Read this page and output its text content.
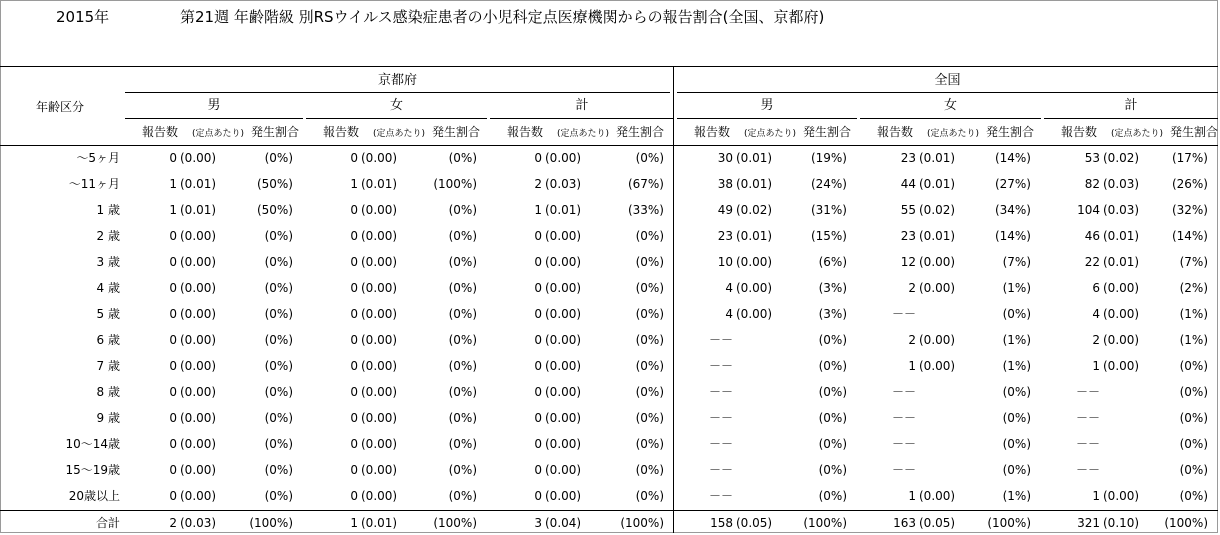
2015年	第21週 年齢階級 別RSウイルス感染症患者の小児科定点医療機関からの報告割合(全国、京都府)
年齢区分
京都府	全国
男
報告数 (定点あたり) 発生割合
女
報告数 (定点あたり) 発生割合
計
報告数 (定点あたり) 発生割合
男
報告数 (定点あたり) 発生割合
女
報告数 (定点あたり) 発生割合
計
報告数 (定点あたり) 発生割合
～5ヶ月	0 (0.00)	(0%)	0 (0.00)	(0%)	0 (0.00)	(0%)	30 (0.01)	(19%)	23 (0.01)	(14%)	53 (0.02)	(17%)
～11ヶ月	1 (0.01)	(50%)	1 (0.01)	(100%)	2 (0.03)	(67%)	38 (0.01)	(24%)	44 (0.01)	(27%)	82 (0.03)	(26%)
1 歳	1 (0.01)	(50%)	0 (0.00)	(0%)	1 (0.01)	(33%)	49 (0.02)	(31%)	55 (0.02)	(34%)	104 (0.03)	(32%)
2 歳	0 (0.00)	(0%)	0 (0.00)	(0%)	0 (0.00)	(0%)	23 (0.01)	(15%)	23 (0.01)	(14%)	46 (0.01)	(14%)
3 歳	0 (0.00)	(0%)	0 (0.00)	(0%)	0 (0.00)	(0%)	10 (0.00)	(6%)	12 (0.00)	(7%)	22 (0.01)	(7%)
4 歳	0 (0.00)	(0%)	0 (0.00)	(0%)	0 (0.00)	(0%)	4 (0.00)	(3%)	2 (0.00)	(1%)	6 (0.00)	(2%)
5 歳	0 (0.00)	(0%)	0 (0.00)	(0%)	0 (0.00)	(0%)	4 (0.00)	(3%)	－－	(0%)	4 (0.00)	(1%)
6 歳	0 (0.00)	(0%)	0 (0.00)	(0%)	0 (0.00)	(0%)	－－	(0%)	2 (0.00)	(1%)	2 (0.00)	(1%)
7 歳	0 (0.00)	(0%)	0 (0.00)	(0%)	0 (0.00)	(0%)	－－	(0%)	1 (0.00)	(1%)	1 (0.00)	(0%)
8 歳	0 (0.00)	(0%)	0 (0.00)	(0%)	0 (0.00)	(0%)	－－	(0%)	－－	(0%)	－－	(0%)
9 歳	0 (0.00)	(0%)	0 (0.00)	(0%)	0 (0.00)	(0%)	－－	(0%)	－－	(0%)	－－	(0%)
10～14歳	0 (0.00)	(0%)	0 (0.00)	(0%)	0 (0.00)	(0%)	－－	(0%)	－－	(0%)	－－	(0%)
15～19歳	0 (0.00)	(0%)	0 (0.00)	(0%)	0 (0.00)	(0%)	－－	(0%)	－－	(0%)	－－	(0%)
20歳以上	0 (0.00)	(0%)	0 (0.00)	(0%)	0 (0.00)	(0%)	－－	(0%)	1 (0.00)	(1%)	1 (0.00)	(0%)
合計	2 (0.03)	(100%)	1 (0.01)	(100%)	3 (0.04)	(100%)	158 (0.05)	(100%)	163 (0.05)	(100%)	321 (0.10)	(100%)
